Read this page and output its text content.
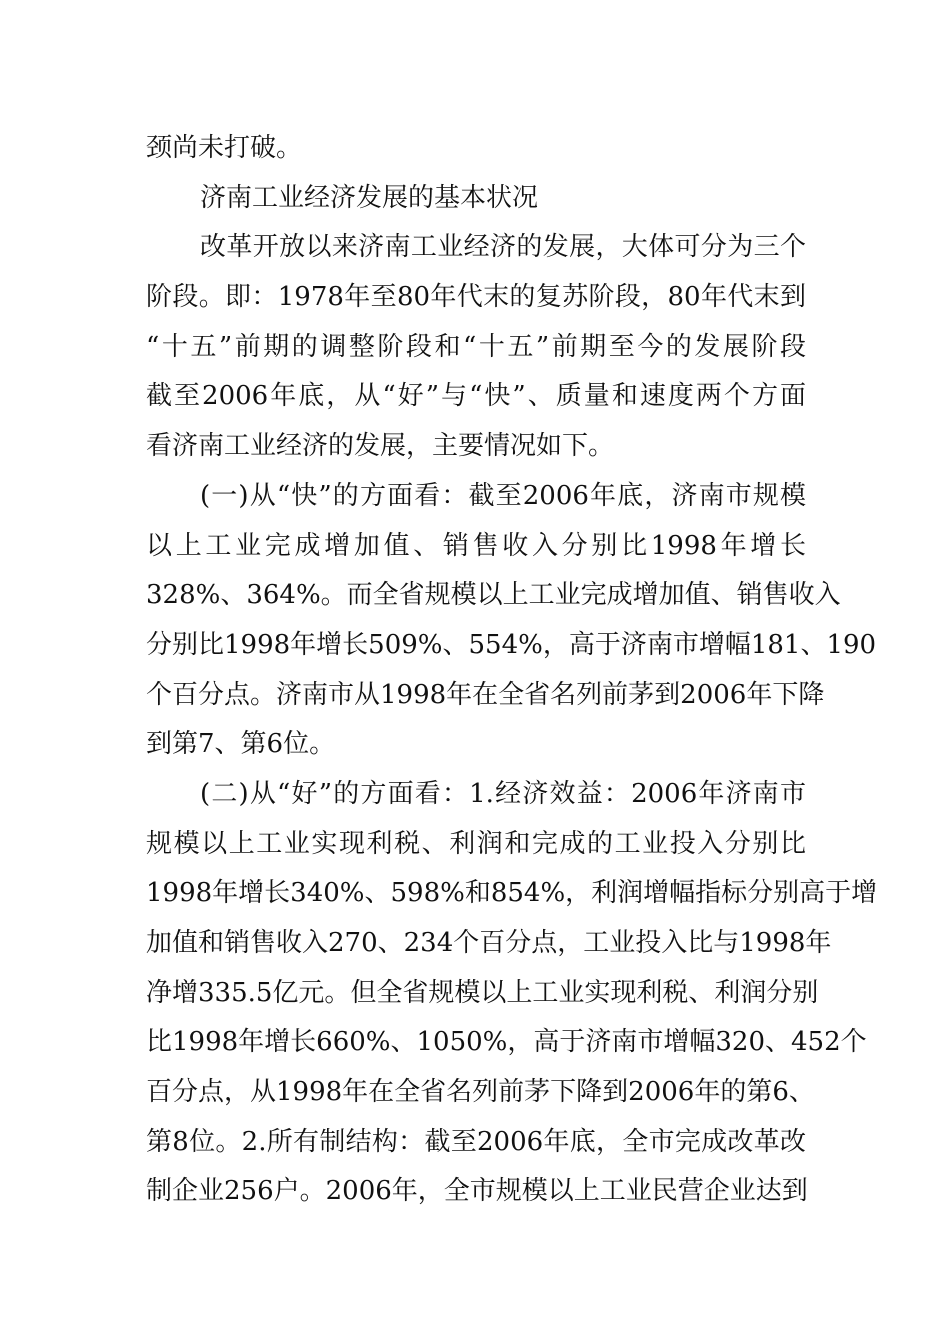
颈尚未打破。
济南工业经济发展的基本状况
改革开放以来济南工业经济的发展，大体可分为三个
阶段。即：1978年至80年代末的复苏阶段，80年代末到
“十五”前期的调整阶段和“十五”前期至今的发展阶段
截至2006年底，从“好”与“快”、质量和速度两个方面
看济南工业经济的发展，主要情况如下。
(一)从“快”的方面看：截至2006年底，济南市规模
以上工业完成增加值、销售收入分别比1998年增长
328%、364%。而全省规模以上工业完成增加值、销售收入
分别比1998年增长509%、554%，高于济南市增幅181、190
个百分点。济南市从1998年在全省名列前茅到2006年下降
到第7、第6位。
(二)从“好”的方面看：1.经济效益：2006年济南市
规模以上工业实现利税、利润和完成的工业投入分别比
1998年增长340%、598%和854%，利润增幅指标分别高于增
加值和销售收入270、234个百分点，工业投入比与1998年
净增335.5亿元。但全省规模以上工业实现利税、利润分别
比1998年增长660%、1050%，高于济南市增幅320、452个
百分点，从1998年在全省名列前茅下降到2006年的第6、
第8位。2.所有制结构：截至2006年底，全市完成改革改
制企业256户。2006年，全市规模以上工业民营企业达到
